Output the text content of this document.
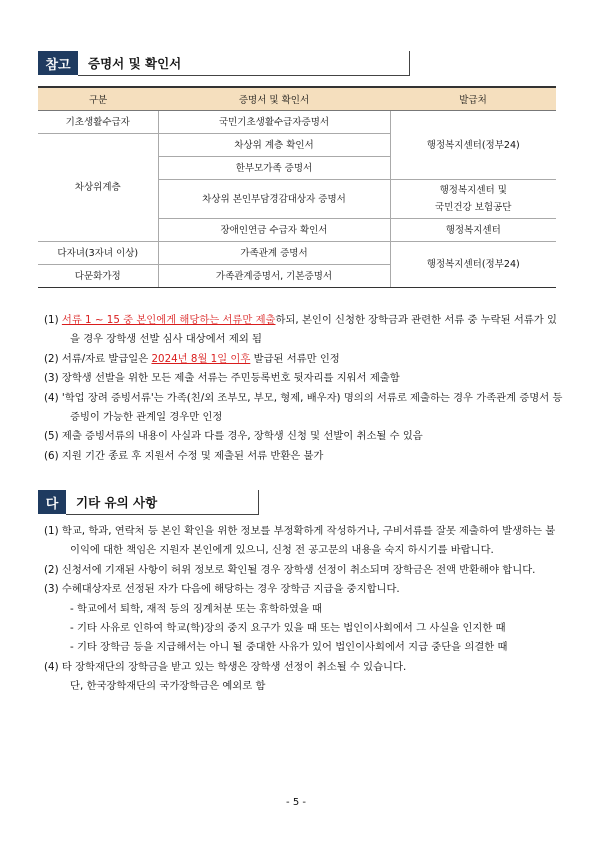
참고	증명서 및 확인서
구분	증명서 및 확인서	발급처
기초생활수급자	국민기초생활수급자증명서	행정복지센터(정부24)
차상위계층	차상위 계층 확인서	
	한부모가족 증명서	
	차상위 본인부담경감대상자 증명서	행정복지센터 및
국민건강 보험공단
	장애인연금 수급자 확인서	행정복지센터
다자녀(3자녀 이상)	가족관계 증명서	행정복지센터(정부24)
다문화가정	가족관계증명서, 기본증명서	

(1) 서류 1 ~ 15 중 본인에게 해당하는 서류만 제출하되, 본인이 신청한 장학금과 관련한 서류 중 누락된 서류가 있을 경우 장학생 선발 심사 대상에서 제외 됨

(2) 서류/자료 발급일은 2024년 8월 1일 이후 발급된 서류만 인정

(3) 장학생 선발을 위한 모든 제출 서류는 주민등록번호 뒷자리를 지워서 제출함

(4) '학업 장려 증빙서류'는 가족(친/외 조부모, 부모, 형제, 배우자) 명의의 서류로 제출하는 경우 가족관계 증명서 등 증빙이 가능한 관계일 경우만 인정

(5) 제출 증빙서류의 내용이 사실과 다를 경우, 장학생 신청 및 선발이 취소될 수 있음

(6) 지원 기간 종료 후 지원서 수정 및 제출된 서류 반환은 불가

다	기타 유의 사항

(1) 학교, 학과, 연락처 등 본인 확인을 위한 정보를 부정확하게 작성하거나, 구비서류를 잘못 제출하여 발생하는 불이익에 대한 책임은 지원자 본인에게 있으니, 신청 전 공고문의 내용을 숙지 하시기를 바랍니다.

(2) 신청서에 기재된 사항이 허위 정보로 확인될 경우 장학생 선정이 취소되며 장학금은 전액 반환해야 합니다.

(3) 수혜대상자로 선정된 자가 다음에 해당하는 경우 장학금 지급을 중지합니다.

- 학교에서 퇴학, 재적 등의 징계처분 또는 휴학하였을 때

- 기타 사유로 인하여 학교(학)장의 중지 요구가 있을 때 또는 법인이사회에서 그 사실을 인지한 때

- 기타 장학금 등을 지급해서는 아니 될 중대한 사유가 있어 법인이사회에서 지급 중단을 의결한 때

(4) 타 장학재단의 장학금을 받고 있는 학생은 장학생 선정이 취소될 수 있습니다.

단, 한국장학재단의 국가장학금은 예외로 함

- 5 -
